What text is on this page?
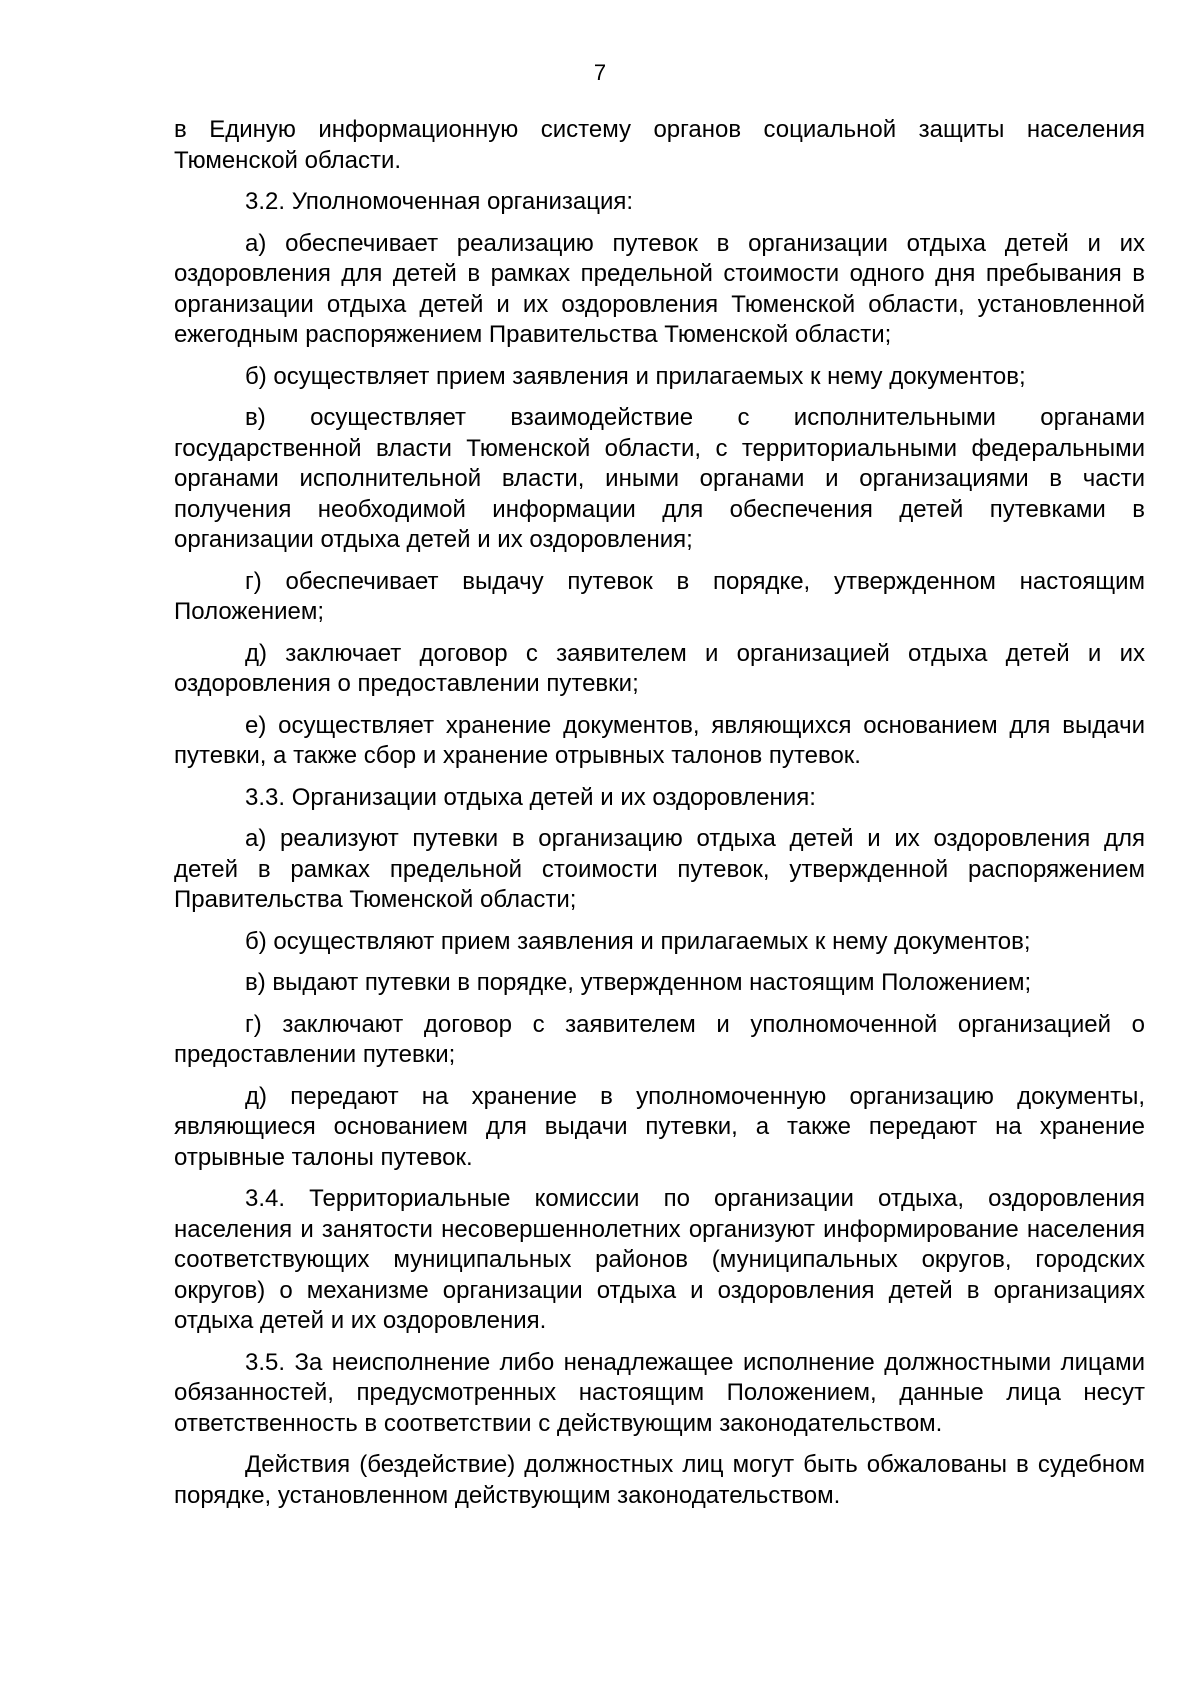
7

в Единую информационную систему органов социальной защиты населения Тюменской области.

3.2. Уполномоченная организация:

а) обеспечивает реализацию путевок в организации отдыха детей и их оздоровления для детей в рамках предельной стоимости одного дня пребывания в организации отдыха детей и их оздоровления Тюменской области, установленной ежегодным распоряжением Правительства Тюменской области;

б) осуществляет прием заявления и прилагаемых к нему документов;

в) осуществляет взаимодействие с исполнительными органами государственной власти Тюменской области, с территориальными федеральными органами исполнительной власти, иными органами и организациями в части получения необходимой информации для обеспечения детей путевками в организации отдыха детей и их оздоровления;

г) обеспечивает выдачу путевок в порядке, утвержденном настоящим Положением;

д) заключает договор с заявителем и организацией отдыха детей и их оздоровления о предоставлении путевки;

е) осуществляет хранение документов, являющихся основанием для выдачи путевки, а также сбор и хранение отрывных талонов путевок.

3.3. Организации отдыха детей и их оздоровления:

а) реализуют путевки в организацию отдыха детей и их оздоровления для детей в рамках предельной стоимости путевок, утвержденной распоряжением Правительства Тюменской области;

б) осуществляют прием заявления и прилагаемых к нему документов;

в) выдают путевки в порядке, утвержденном настоящим Положением;

г) заключают договор с заявителем и уполномоченной организацией о предоставлении путевки;

д) передают на хранение в уполномоченную организацию документы, являющиеся основанием для выдачи путевки, а также передают на хранение отрывные талоны путевок.

3.4. Территориальные комиссии по организации отдыха, оздоровления населения и занятости несовершеннолетних организуют информирование населения соответствующих муниципальных районов (муниципальных округов, городских округов) о механизме организации отдыха и оздоровления детей в организациях отдыха детей и их оздоровления.

3.5. За неисполнение либо ненадлежащее исполнение должностными лицами обязанностей, предусмотренных настоящим Положением, данные лица несут ответственность в соответствии с действующим законодательством.

Действия (бездействие) должностных лиц могут быть обжалованы в судебном порядке, установленном действующим законодательством.
